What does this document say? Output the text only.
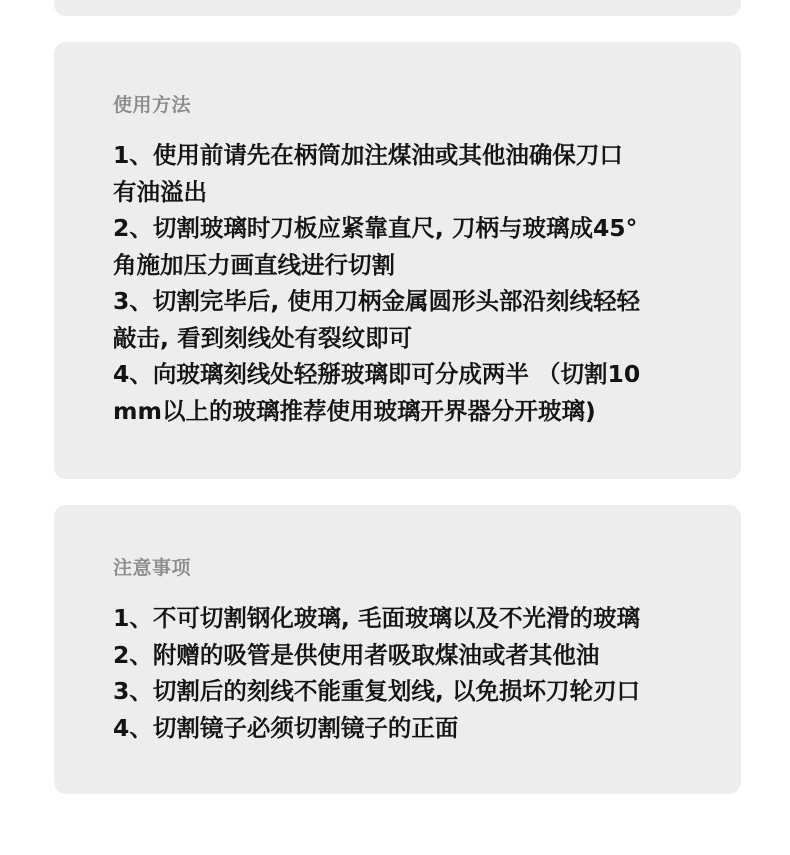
使用方法
1、使用前请先在柄筒加注煤油或其他油确保刀口
有油溢出
2、切割玻璃时刀板应紧靠直尺, 刀柄与玻璃成45°
角施加压力画直线进行切割
3、切割完毕后, 使用刀柄金属圆形头部沿刻线轻轻
敲击, 看到刻线处有裂纹即可
4、向玻璃刻线处轻掰玻璃即可分成两半 （切割10
mm以上的玻璃推荐使用玻璃开界器分开玻璃)
注意事项
1、不可切割钢化玻璃, 毛面玻璃以及不光滑的玻璃
2、附赠的吸管是供使用者吸取煤油或者其他油
3、切割后的刻线不能重复划线, 以免损坏刀轮刃口
4、切割镜子必须切割镜子的正面
